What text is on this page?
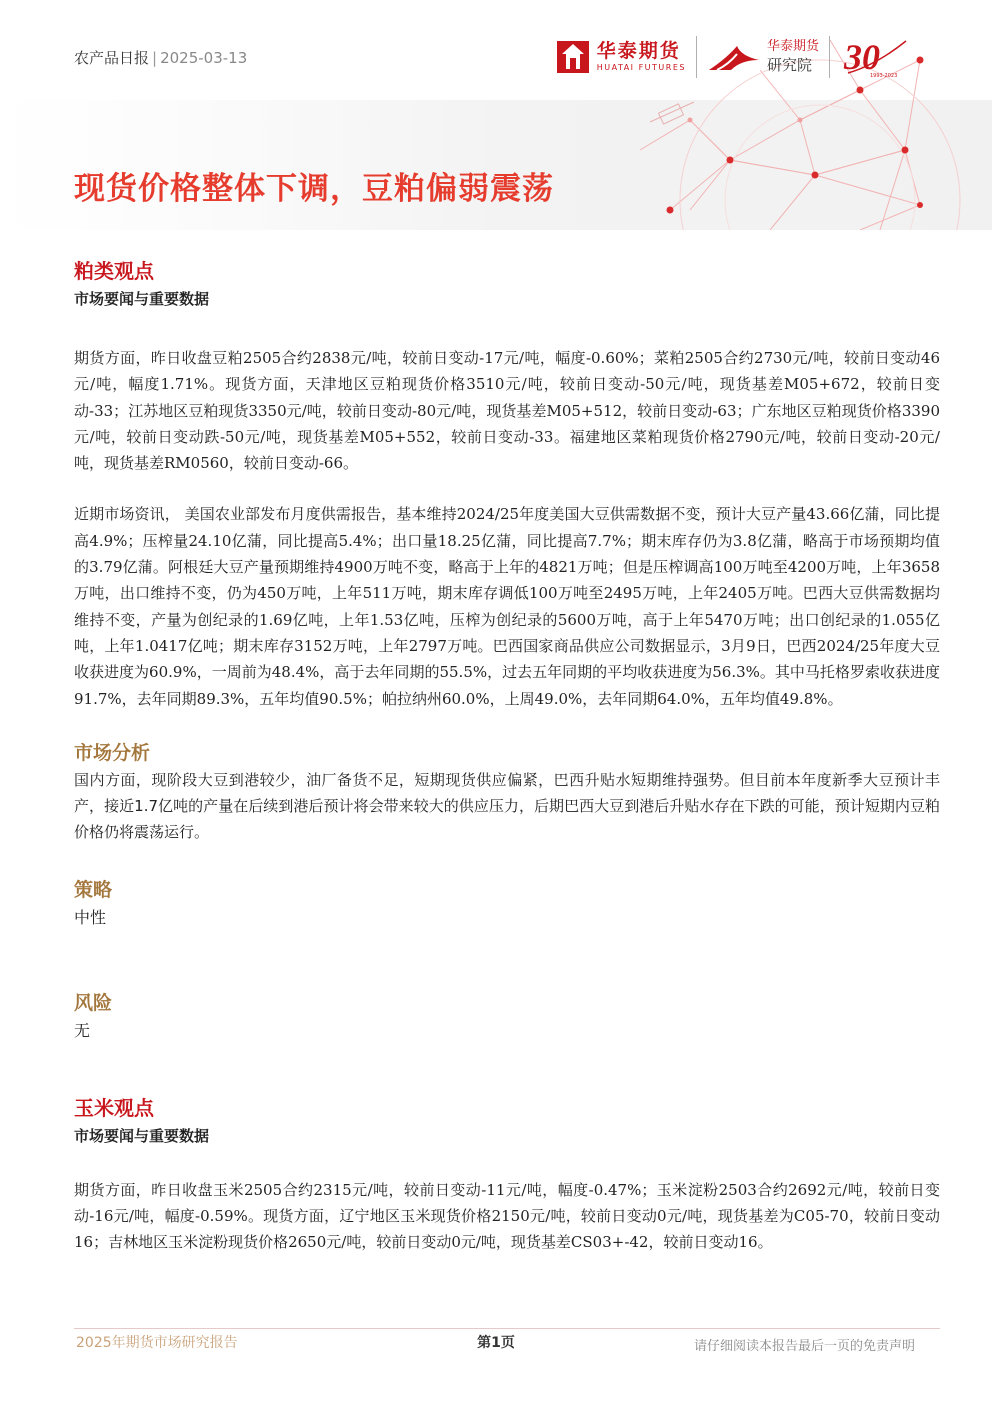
农产品日报 | 2025-03-13	华泰期货
HUATAI FUTURES
华泰期货
研究院 30
1993-2023
现货价格整体下调，豆粕偏弱震荡
粕类观点
市场要闻与重要数据

期货方面，昨日收盘豆粕2505合约2838元/吨，较前日变动-17元/吨，幅度-0.60%；菜粕2505合约2730元/吨，较前日变动46元/吨，幅度1.71%。现货方面，天津地区豆粕现货价格3510元/吨，较前日变动-50元/吨，现货基差M05+672，较前日变动-33；江苏地区豆粕现货3350元/吨，较前日变动-80元/吨，现货基差M05+512，较前日变动-63；广东地区豆粕现货价格3390元/吨，较前日变动跌-50元/吨，现货基差M05+552，较前日变动-33。福建地区菜粕现货价格2790元/吨，较前日变动-20元/吨，现货基差RM0560，较前日变动-66。

近期市场资讯， 美国农业部发布月度供需报告，基本维持2024/25年度美国大豆供需数据不变，预计大豆产量43.66亿蒲，同比提高4.9%；压榨量24.10亿蒲，同比提高5.4%；出口量18.25亿蒲，同比提高7.7%；期末库存仍为3.8亿蒲，略高于市场预期均值的3.79亿蒲。阿根廷大豆产量预期维持4900万吨不变，略高于上年的4821万吨；但是压榨调高100万吨至4200万吨，上年3658万吨，出口维持不变，仍为450万吨，上年511万吨，期末库存调低100万吨至2495万吨，上年2405万吨。巴西大豆供需数据均维持不变，产量为创纪录的1.69亿吨，上年1.53亿吨，压榨为创纪录的5600万吨，高于上年5470万吨；出口创纪录的1.055亿吨，上年1.0417亿吨；期末库存3152万吨，上年2797万吨。巴西国家商品供应公司数据显示，3月9日，巴西2024/25年度大豆收获进度为60.9%，一周前为48.4%，高于去年同期的55.5%，过去五年同期的平均收获进度为56.3%。其中马托格罗索收获进度91.7%，去年同期89.3%，五年均值90.5%；帕拉纳州60.0%，上周49.0%，去年同期64.0%，五年均值49.8%。

市场分析

国内方面，现阶段大豆到港较少，油厂备货不足，短期现货供应偏紧，巴西升贴水短期维持强势。但目前本年度新季大豆预计丰产，接近1.7亿吨的产量在后续到港后预计将会带来较大的供应压力，后期巴西大豆到港后升贴水存在下跌的可能，预计短期内豆粕价格仍将震荡运行。

策略
中性
风险
无
玉米观点
市场要闻与重要数据

期货方面，昨日收盘玉米2505合约2315元/吨，较前日变动-11元/吨，幅度-0.47%；玉米淀粉2503合约2692元/吨，较前日变动-16元/吨，幅度-0.59%。现货方面，辽宁地区玉米现货价格2150元/吨，较前日变动0元/吨，现货基差为C05-70，较前日变动16；吉林地区玉米淀粉现货价格2650元/吨，较前日变动0元/吨，现货基差CS03+-42，较前日变动16。

2025年期货市场研究报告	第1页	请仔细阅读本报告最后一页的免责声明
